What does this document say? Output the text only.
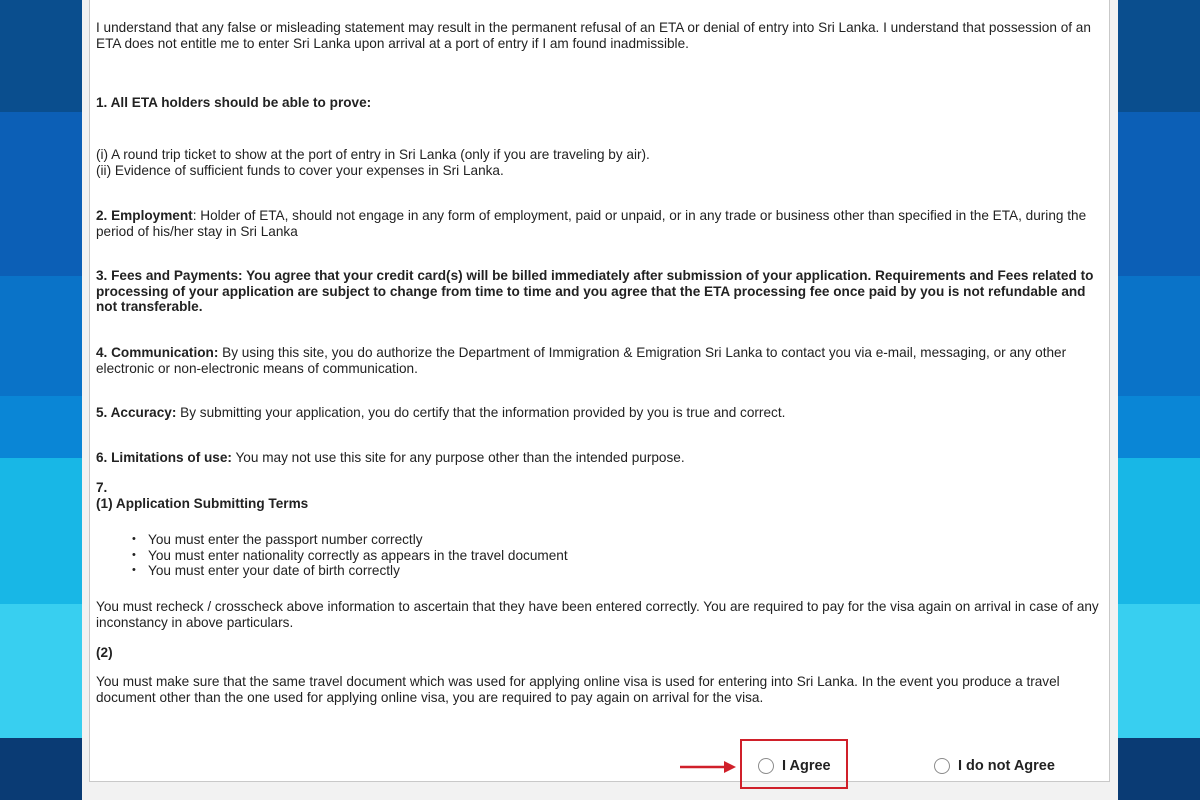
I understand that any false or misleading statement may result in the permanent refusal of an ETA or denial of entry into Sri Lanka. I understand that possession of an ETA does not entitle me to enter Sri Lanka upon arrival at a port of entry if I am found inadmissible.

1. All ETA holders should be able to prove:

(i) A round trip ticket to show at the port of entry in Sri Lanka (only if you are traveling by air).

(ii) Evidence of sufficient funds to cover your expenses in Sri Lanka.

2. Employment: Holder of ETA, should not engage in any form of employment, paid or unpaid, or in any trade or business other than specified in the ETA, during the period of his/her stay in Sri Lanka

3. Fees and Payments: You agree that your credit card(s) will be billed immediately after submission of your application. Requirements and Fees related to processing of your application are subject to change from time to time and you agree that the ETA processing fee once paid by you is not refundable and not transferable.

4. Communication: By using this site, you do authorize the Department of Immigration & Emigration Sri Lanka to contact you via e-mail, messaging, or any other electronic or non-electronic means of communication.

5. Accuracy: By submitting your application, you do certify that the information provided by you is true and correct.

6. Limitations of use: You may not use this site for any purpose other than the intended purpose.

7.

(1) Application Submitting Terms

• You must enter the passport number correctly
• You must enter nationality correctly as appears in the travel document
• You must enter your date of birth correctly

You must recheck / crosscheck above information to ascertain that they have been entered correctly. You are required to pay for the visa again on arrival in case of any inconstancy in above particulars.

(2)

You must make sure that the same travel document which was used for applying online visa is used for entering into Sri Lanka. In the event you produce a travel document other than the one used for applying online visa, you are required to pay again on arrival for the visa.

I Agree	I do not Agree
